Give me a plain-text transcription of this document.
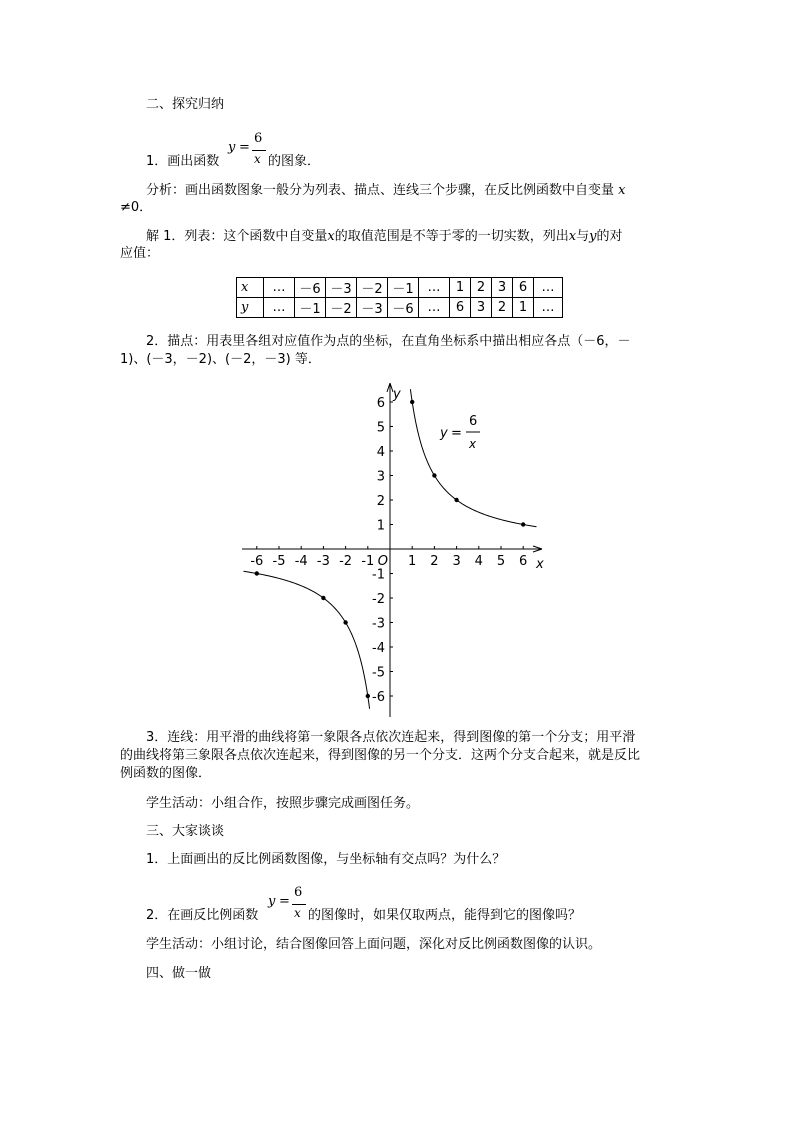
二、探究归纳
1．画出函数
y =
6
x 的图象．
分析：画出函数图象一般分为列表、描点、连线三个步骤，在反比例函数中自变量 x
≠0．
解 1．列表：这个函数中自变量x的取值范围是不等于零的一切实数，列出x与y的对
应值：
x	…	－6	－3	－2	－1	…	1	2	3	6	…
y	…	－1	－2	－3	－6	…	6	3	2	1	…
2．描点：用表里各组对应值作为点的坐标，在直角坐标系中描出相应各点（－6，－
1)、(－3，－2)、(－2，－3) 等．
-6 -5 -4 -3 -2 -1	1 2 3 4 5 6
6
5
4
3
2
1
-1
-2
-3
-4
-5
-6
x
y
O
y =
6
x
3．连线：用平滑的曲线将第一象限各点依次连起来，得到图像的第一个分支；用平滑
的曲线将第三象限各点依次连起来，得到图像的另一个分支．这两个分支合起来，就是反比
例函数的图像．
学生活动：小组合作，按照步骤完成画图任务。
三、大家谈谈
1．上面画出的反比例函数图像，与坐标轴有交点吗？为什么？
2．在画反比例函数
y =
6
x 的图像时，如果仅取两点，能得到它的图像吗？
学生活动：小组讨论，结合图像回答上面问题，深化对反比例函数图像的认识。
四、做一做
